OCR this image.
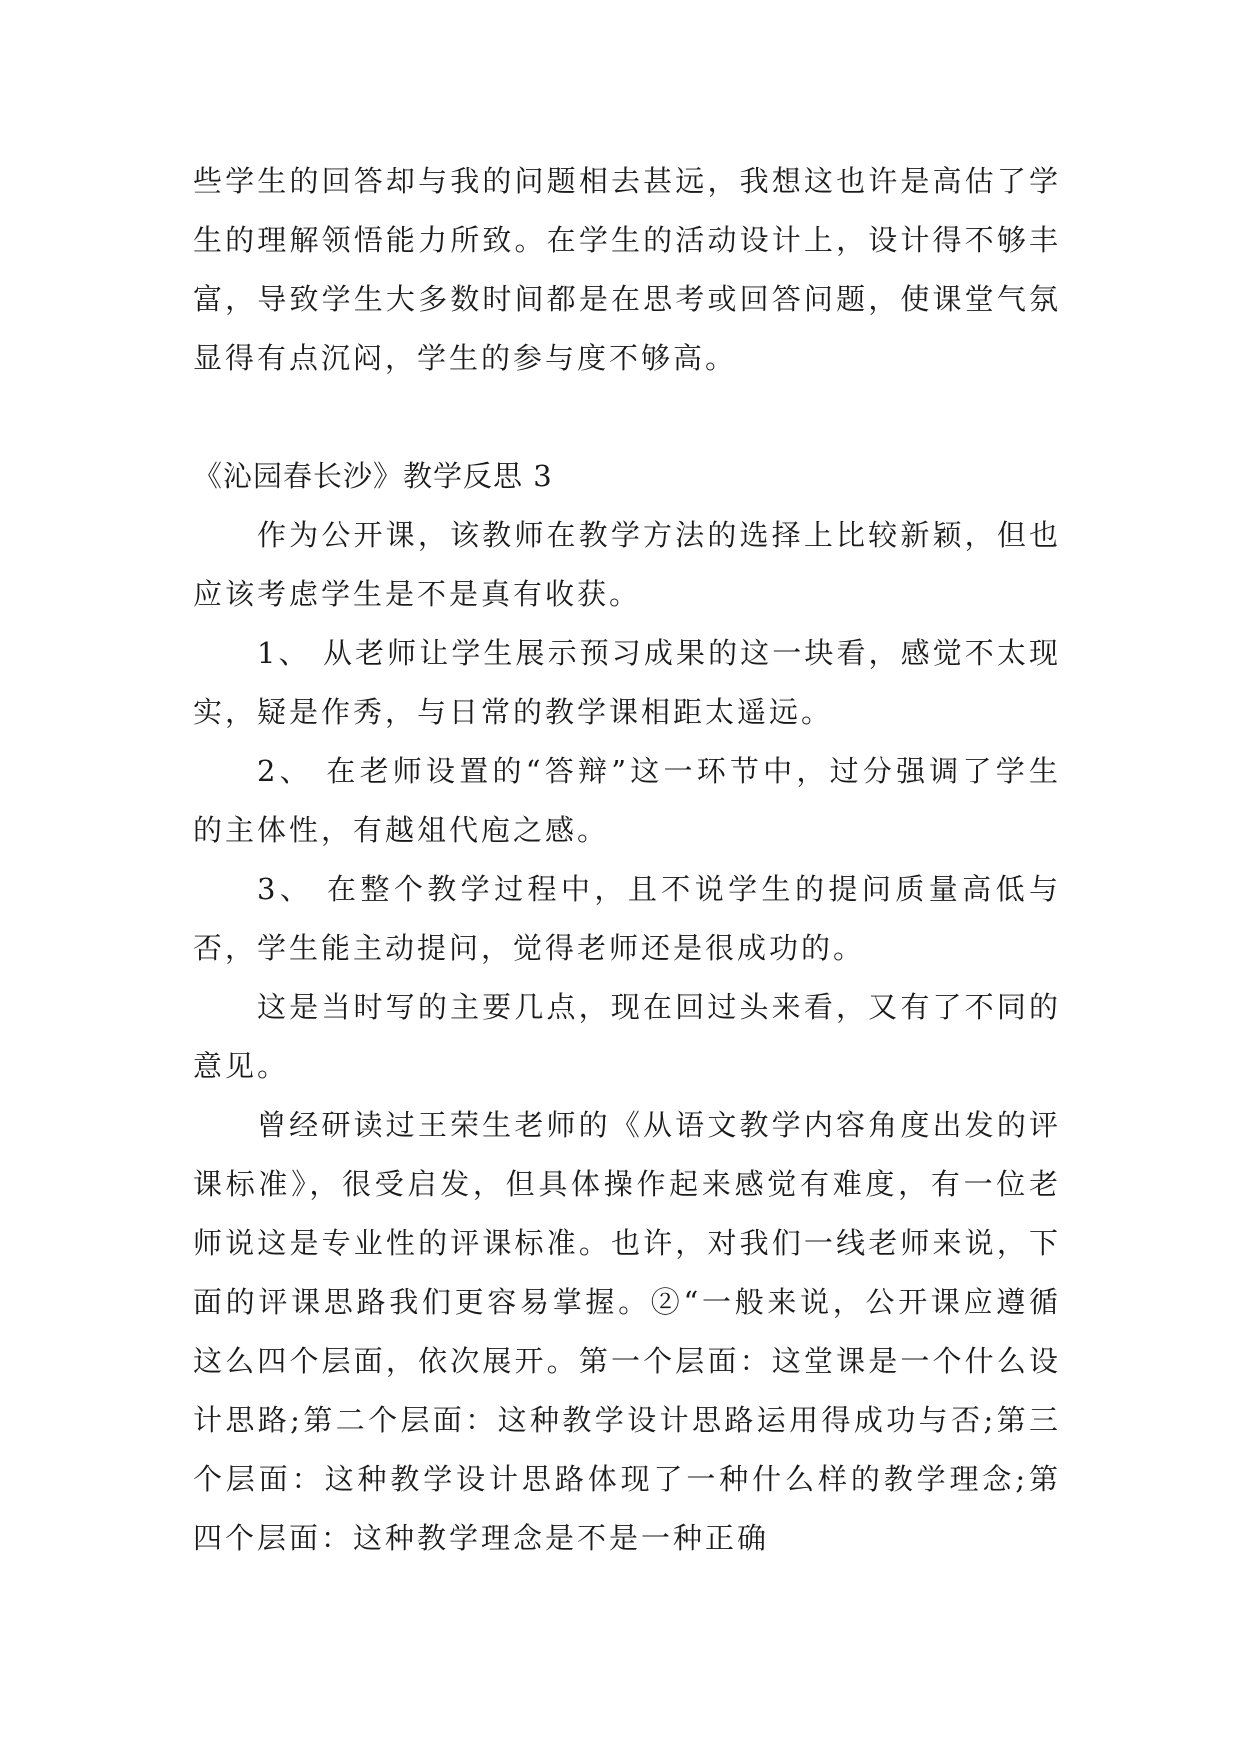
些学生的回答却与我的问题相去甚远，我想这也许是高估了学生的理解领悟能力所致。在学生的活动设计上，设计得不够丰富，导致学生大多数时间都是在思考或回答问题，使课堂气氛显得有点沉闷，学生的参与度不够高。

《沁园春长沙》教学反思 3

作为公开课，该教师在教学方法的选择上比较新颖，但也应该考虑学生是不是真有收获。

1、 从老师让学生展示预习成果的这一块看，感觉不太现实，疑是作秀，与日常的教学课相距太遥远。

2、 在老师设置的“答辩”这一环节中，过分强调了学生的主体性，有越俎代庖之感。

3、 在整个教学过程中，且不说学生的提问质量高低与否，学生能主动提问，觉得老师还是很成功的。

这是当时写的主要几点，现在回过头来看，又有了不同的意见。

曾经研读过王荣生老师的《从语文教学内容角度出发的评课标准》，很受启发，但具体操作起来感觉有难度，有一位老师说这是专业性的评课标准。也许，对我们一线老师来说，下面的评课思路我们更容易掌握。②“一般来说，公开课应遵循这么四个层面，依次展开。第一个层面：这堂课是一个什么设计思路;第二个层面：这种教学设计思路运用得成功与否;第三个层面：这种教学设计思路体现了一种什么样的教学理念;第四个层面：这种教学理念是不是一种正确
